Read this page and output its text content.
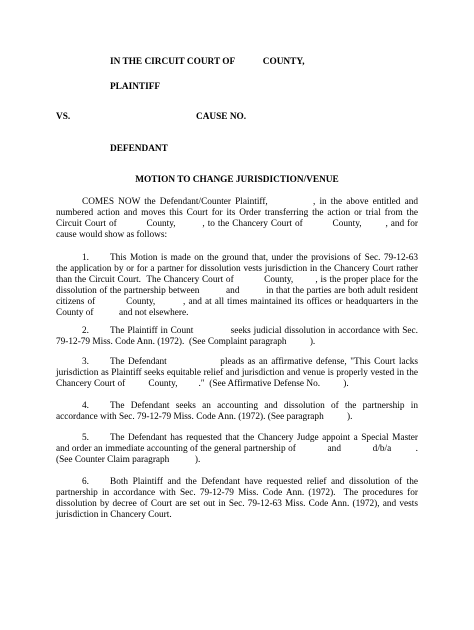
IN THE CIRCUIT COURT OF            COUNTY,
PLAINTIFF
VS.	CAUSE NO.
DEFENDANT
MOTION TO CHANGE JURISDICTION/VENUE
COMES NOW the Defendant/Counter Plaintiff,           , in the above entitled and
numbered action and moves this Court for its Order transferring the action or trial from the
Circuit Court of          County,         , to the Chancery Court of          County,        , and for
cause would show as follows:
1. This Motion is made on the ground that, under the provisions of Sec. 79-12-63
the application by or for a partner for dissolution vests jurisdiction in the Chancery Court rather
than the Circuit Court.  The Chancery Court of           County,        , is the proper place for the
dissolution of the partnership between          and          in that the parties are both adult resident
citizens of          County,         , and at all times maintained its offices or headquarters in the
County of           and not elsewhere.
2. The Plaintiff in Count             seeks judicial dissolution in accordance with Sec.
79-12-79 Miss. Code Ann. (1972).  (See Complaint paragraph          ).
3. The Defendant               pleads as an affirmative defense, "This Court lacks
jurisdiction as Plaintiff seeks equitable relief and jurisdiction and venue is properly vested in the
Chancery Court of          County,         ."  (See Affirmative Defense No.          ).
4. The Defendant seeks an accounting and dissolution of the partnership in
accordance with Sec. 79-12-79 Miss. Code Ann. (1972). (See paragraph          ).
5. The Defendant has requested that the Chancery Judge appoint a Special Master
and order an immediate accounting of the general partnership of             and             d/b/a          .
(See Counter Claim paragraph           ).
6. Both Plaintiff and the Defendant have requested relief and dissolution of the
partnership in accordance with Sec. 79-12-79 Miss. Code Ann. (1972).  The procedures for
dissolution by decree of Court are set out in Sec. 79-12-63 Miss. Code Ann. (1972), and vests
jurisdiction in Chancery Court.
